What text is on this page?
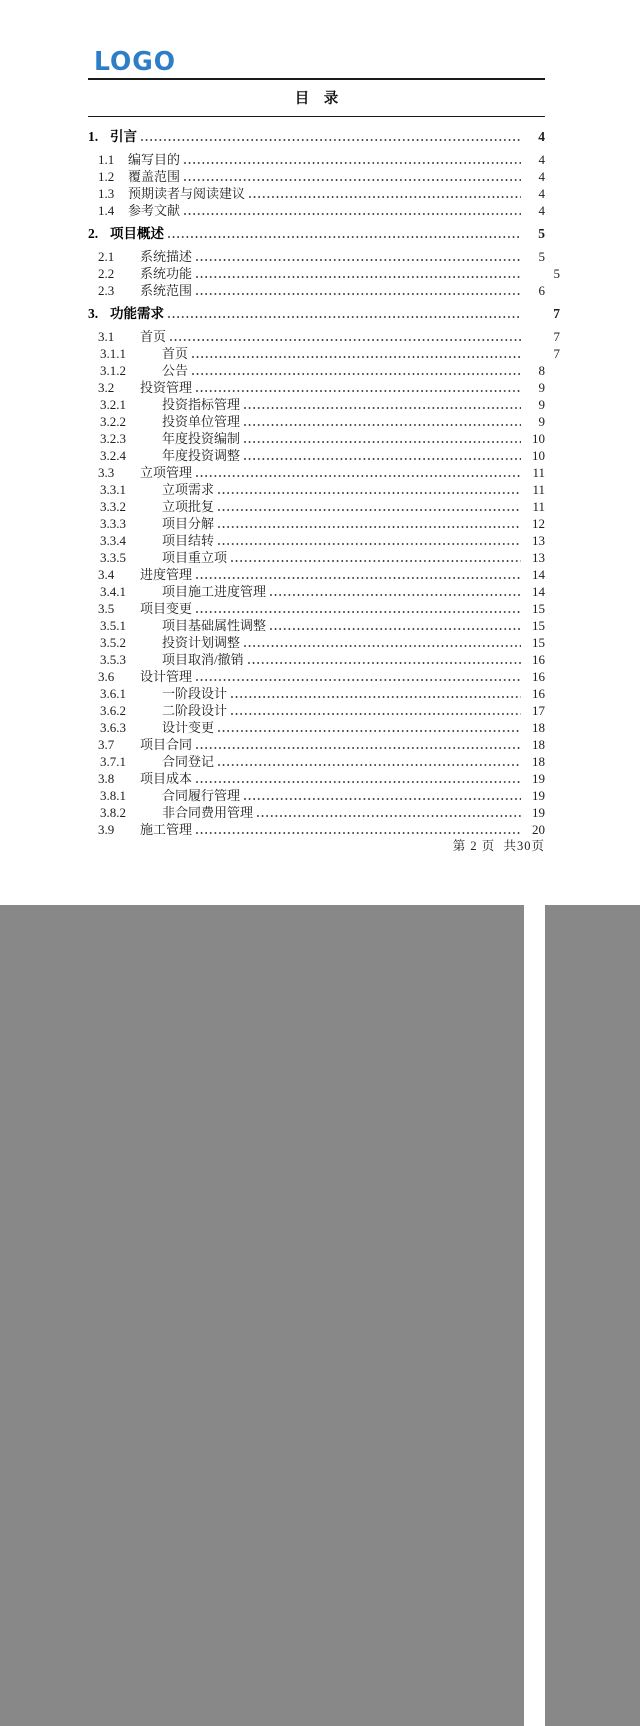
LOGO
目    录
1. 引言	4
1.1	编写目的	4
1.2	覆盖范围	4
1.3	预期读者与阅读建议	4
1.4	参考文献	4
2. 项目概述	5
2.1	系统描述	5
2.2	系统功能	5
2.3	系统范围	6
3. 功能需求	7
3.1	首页	7
3.1.1	首页	7
3.1.2	公告	8
3.2	投资管理	9
3.2.1	投资指标管理	9
3.2.2	投资单位管理	9
3.2.3	年度投资编制	10
3.2.4	年度投资调整	10
3.3	立项管理	11
3.3.1	立项需求	11
3.3.2	立项批复	11
3.3.3	项目分解	12
3.3.4	项目结转	13
3.3.5	项目重立项	13
3.4	进度管理	14
3.4.1	项目施工进度管理	14
3.5	项目变更	15
3.5.1	项目基础属性调整	15
3.5.2	投资计划调整	15
3.5.3	项目取消/撤销	16
3.6	设计管理	16
3.6.1	一阶段设计	16
3.6.2	二阶段设计	17
3.6.3	设计变更	18
3.7	项目合同	18
3.7.1	合同登记	18
3.8	项目成本	19
3.8.1	合同履行管理	19
3.8.2	非合同费用管理	19
3.9	施工管理	20
第 2 页  共30页
